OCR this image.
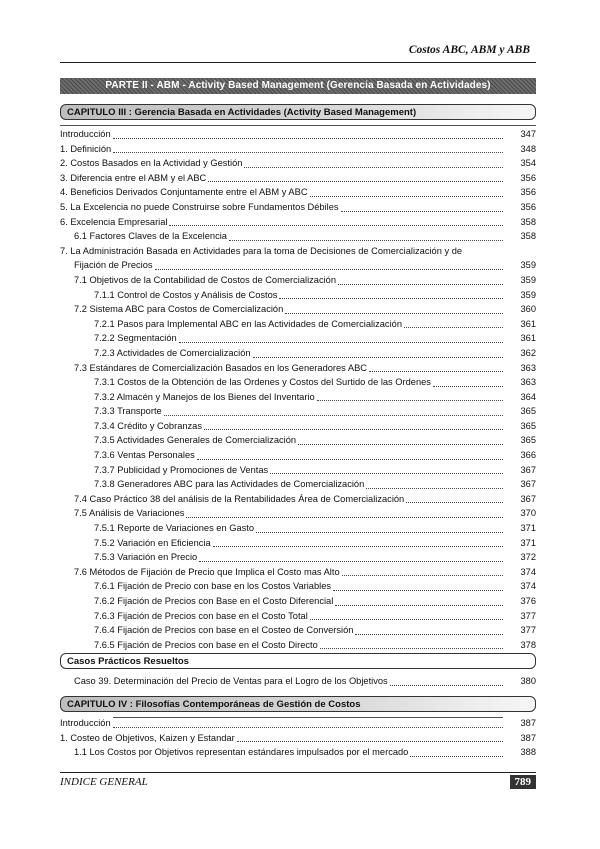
Costos ABC, ABM y ABB
PARTE II - ABM - Activity Based Management (Gerencia Basada en Actividades)
CAPITULO III : Gerencia Basada en Actividades (Activity Based Management)
Introducción	347
1. Definición	348
2. Costos Basados en la Actividad y Gestión	354
3. Diferencia entre el ABM y el ABC	356
4. Beneficios Derivados Conjuntamente entre el ABM y ABC	356
5. La Excelencia no puede Construirse sobre Fundamentos Débiles	356
6. Excelencia Empresarial	358
6.1 Factores Claves de la Excelencia	358
7. La Administración Basada en Actividades para la toma de Decisiones de Comercialización y de
Fijación de Precios	359
7.1 Objetivos de la Contabilidad de Costos de Comercialización	359
7.1.1 Control de Costos y Análisis de Costos	359
7.2 Sistema ABC para Costos de Comercialización	360
7.2.1 Pasos para Implemental ABC en las Actividades de Comercialización	361
7.2.2 Segmentación	361
7.2.3 Actividades de Comercialización	362
7.3 Estándares de Comercialización Basados en los Generadores ABC	363
7.3.1 Costos de la Obtención de las Ordenes y Costos del Surtido de las Ordenes	363
7.3.2 Almacén y Manejos de los Bienes del Inventario	364
7.3.3 Transporte	365
7.3.4 Crédito y Cobranzas	365
7.3.5 Actividades Generales de Comercialización	365
7.3.6 Ventas Personales	366
7.3.7 Publicidad y Promociones de Ventas	367
7.3.8 Generadores ABC para las Actividades de Comercialización	367
7.4 Caso Práctico 38 del análisis de la Rentabilidades Área de Comercialización	367
7.5 Análisis de Variaciones	370
7.5.1 Reporte de Variaciones en Gasto	371
7.5.2 Variación en Eficiencia	371
7.5.3 Variación en Precio	372
7.6 Métodos de Fijación de Precio que Implica el Costo mas Alto	374
7.6.1 Fijación de Precio con base en los Costos Variables	374
7.6.2 Fijación de Precios con Base en el Costo Diferencial	376
7.6.3 Fijación de Precios con base en el Costo Total	377
7.6.4 Fijación de Precios con base en el Costeo de Conversión	377
7.6.5 Fijación de Precios con base en el Costo Directo	378
Casos Prácticos Resueltos
Caso 39. Determinación del Precio de Ventas para el Logro de los Objetivos	380
CAPITULO IV : Filosofías Contemporáneas de Gestión de Costos
Introducción	387
1. Costeo de Objetivos, Kaizen y Estandar	387
1.1 Los Costos por Objetivos representan estándares impulsados por el mercado	388
INDICE GENERAL	789
